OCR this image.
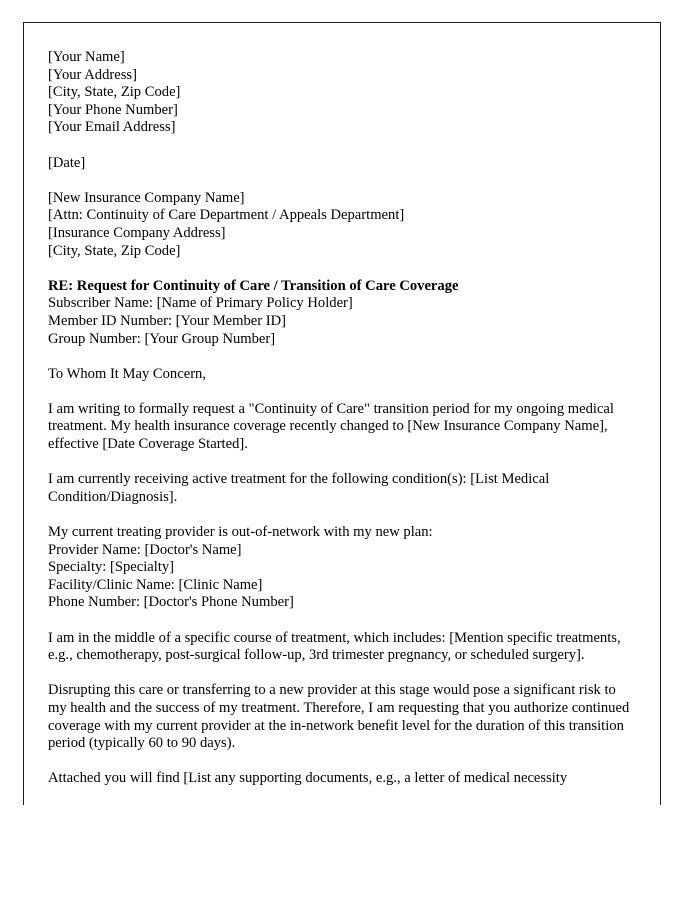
[Your Name]
[Your Address]
[City, State, Zip Code]
[Your Phone Number]
[Your Email Address]
[Date]
[New Insurance Company Name]
[Attn: Continuity of Care Department / Appeals Department]
[Insurance Company Address]
[City, State, Zip Code]
RE: Request for Continuity of Care / Transition of Care Coverage
Subscriber Name: [Name of Primary Policy Holder]
Member ID Number: [Your Member ID]
Group Number: [Your Group Number]
To Whom It May Concern,

I am writing to formally request a "Continuity of Care" transition period for my ongoing medical treatment. My health insurance coverage recently changed to [New Insurance Company Name], effective [Date Coverage Started].

I am currently receiving active treatment for the following condition(s): [List Medical Condition/Diagnosis].

My current treating provider is out-of-network with my new plan:
Provider Name: [Doctor's Name]
Specialty: [Specialty]
Facility/Clinic Name: [Clinic Name]
Phone Number: [Doctor's Phone Number]

I am in the middle of a specific course of treatment, which includes: [Mention specific treatments, e.g., chemotherapy, post-surgical follow-up, 3rd trimester pregnancy, or scheduled surgery].

Disrupting this care or transferring to a new provider at this stage would pose a significant risk to my health and the success of my treatment. Therefore, I am requesting that you authorize continued coverage with my current provider at the in-network benefit level for the duration of this transition period (typically 60 to 90 days).

Attached you will find [List any supporting documents, e.g., a letter of medical necessity
